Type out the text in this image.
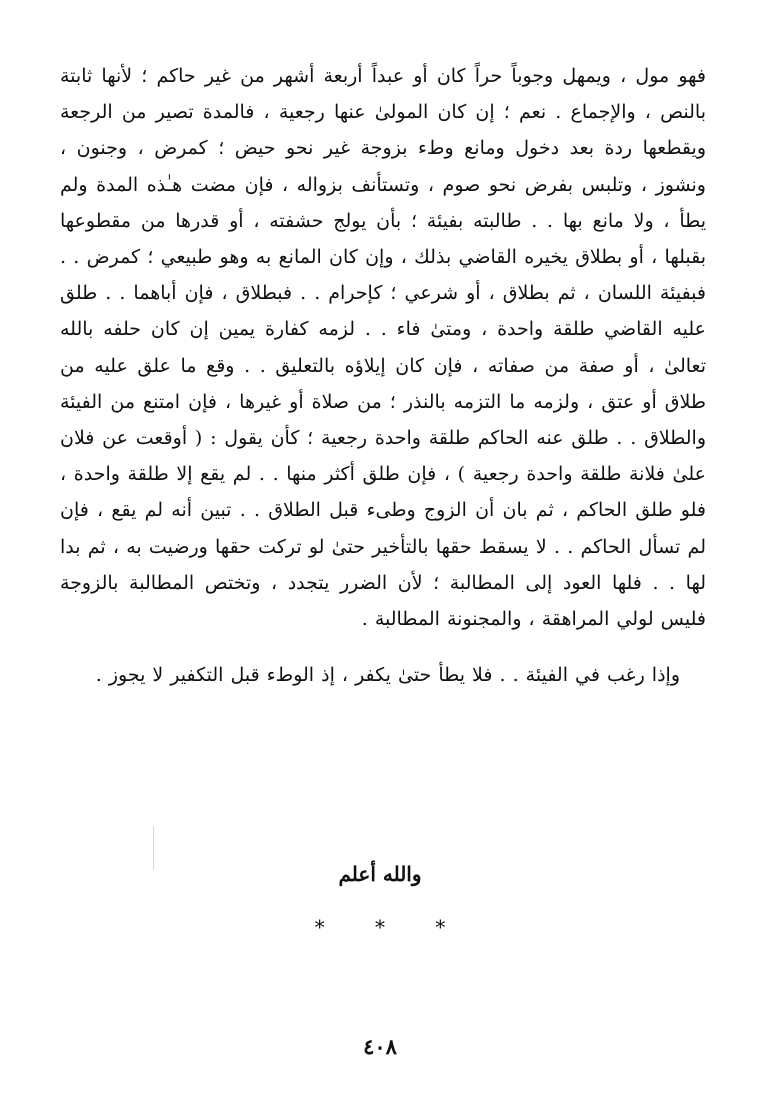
فهو مول ، ويمهل وجوباً حراً كان أو عبداً أربعة أشهر من غير حاكم ؛ لأنها ثابتة بالنص ، والإجماع . نعم ؛ إن كان المولىٰ عنها رجعية ، فالمدة تصير من الرجعة ويقطعها ردة بعد دخول ومانع وطء بزوجة غير نحو حيض ؛ كمرض ، وجنون ، ونشوز ، وتلبس بفرض نحو صوم ، وتستأنف بزواله ، فإن مضت هـٰذه المدة ولم يطأ ، ولا مانع بها . . طالبته بفيئة ؛ بأن يولج حشفته ، أو قدرها من مقطوعها بقبلها ، أو بطلاق يخيره القاضي بذلك ، وإن كان المانع به وهو طبيعي ؛ كمرض . . فبفيئة اللسان ، ثم بطلاق ، أو شرعي ؛ كإحرام . . فبطلاق ، فإن أباهما . . طلق عليه القاضي طلقة واحدة ، ومتىٰ فاء . . لزمه كفارة يمين إن كان حلفه بالله تعالىٰ ، أو صفة من صفاته ، فإن كان إيلاؤه بالتعليق . . وقع ما علق عليه من طلاق أو عتق ، ولزمه ما التزمه بالنذر ؛ من صلاة أو غيرها ، فإن امتنع من الفيئة والطلاق . . طلق عنه الحاكم طلقة واحدة رجعية ؛ كأن يقول : ( أوقعت عن فلان علىٰ فلانة طلقة واحدة رجعية ) ، فإن طلق أكثر منها . . لم يقع إلا طلقة واحدة ، فلو طلق الحاكم ، ثم بان أن الزوج وطىء قبل الطلاق . . تبين أنه لم يقع ، فإن لم تسأل الحاكم . . لا يسقط حقها بالتأخير حتىٰ لو تركت حقها ورضيت به ، ثم بدا لها . . فلها العود إلى المطالبة ؛ لأن الضرر يتجدد ، وتختص المطالبة بالزوجة فليس لولي المراهقة ، والمجنونة المطالبة .

وإذا رغب في الفيئة . . فلا يطأ حتىٰ يكفر ، إذ الوطء قبل التكفير لا يجوز .

والله أعلم
* * *
٤٠٨
